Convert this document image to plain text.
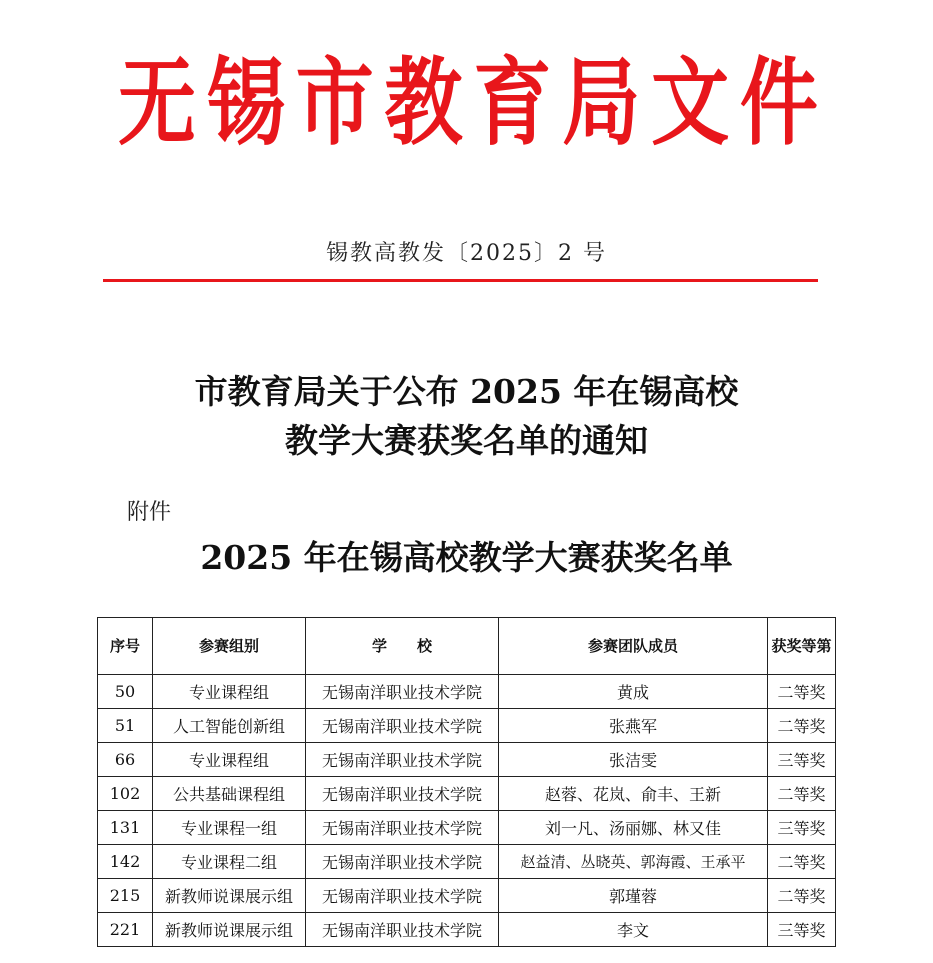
无 锡 市 教 育 局 文 件
锡教高教发〔2025〕2 号
市教育局关于公布 2025 年在锡高校
教学大赛获奖名单的通知
附件
2025 年在锡高校教学大赛获奖名单
序号	参赛组别	学　　校	参赛团队成员	获奖等第
50	专业课程组	无锡南洋职业技术学院	黄成	二等奖
51	人工智能创新组	无锡南洋职业技术学院	张燕军	二等奖
66	专业课程组	无锡南洋职业技术学院	张洁雯	三等奖
102	公共基础课程组	无锡南洋职业技术学院	赵蓉、花岚、俞丰、王新	二等奖
131	专业课程一组	无锡南洋职业技术学院	刘一凡、汤丽娜、林又佳	三等奖
142	专业课程二组	无锡南洋职业技术学院	赵益清、丛晓英、郭海霞、王承平	二等奖
215	新教师说课展示组	无锡南洋职业技术学院	郭瑾蓉	二等奖
221	新教师说课展示组	无锡南洋职业技术学院	李文	三等奖
